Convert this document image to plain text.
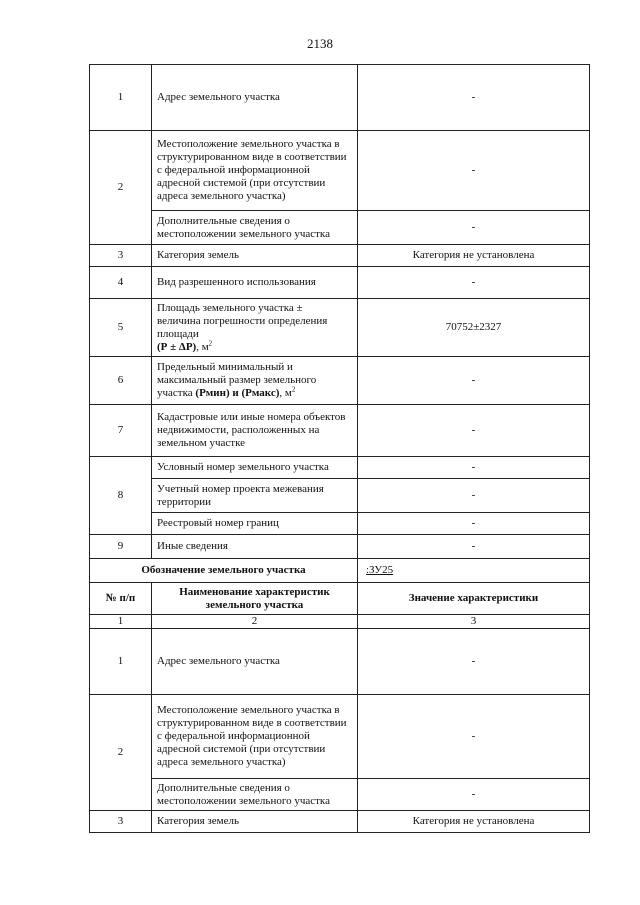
2138
1	Адрес земельного участка	-
2	Местоположение земельного участка в структурированном виде в соответствии с федеральной информационной адресной системой (при отсутствии адреса земельного участка)	-
	Дополнительные сведения о местоположении земельного участка	-
3	Категория земель	Категория не установлена
4	Вид разрешенного использования	-
5	Площадь земельного участка ±
величина погрешности определения
площади
(Р ± ΔР), $м^2$	70752±2327
6	Предельный минимальный и
максимальный размер земельного
участка (Рмин) и (Рмакс), $м^2$	-
7	Кадастровые или иные номера объектов недвижимости, расположенных на земельном участке	-
8	Условный номер земельного участка	-
	Учетный номер проекта межевания территории	-
	Реестровый номер границ	-
9	Иные сведения	-
Обозначение земельного участка		:ЗУ25
№ п/п	Наименование характеристик земельного участка	Значение характеристики
1	2	3
1	Адрес земельного участка	-
2	Местоположение земельного участка в структурированном виде в соответствии с федеральной информационной адресной системой (при отсутствии адреса земельного участка)	-
	Дополнительные сведения о местоположении земельного участка	-
3	Категория земель	Категория не установлена
